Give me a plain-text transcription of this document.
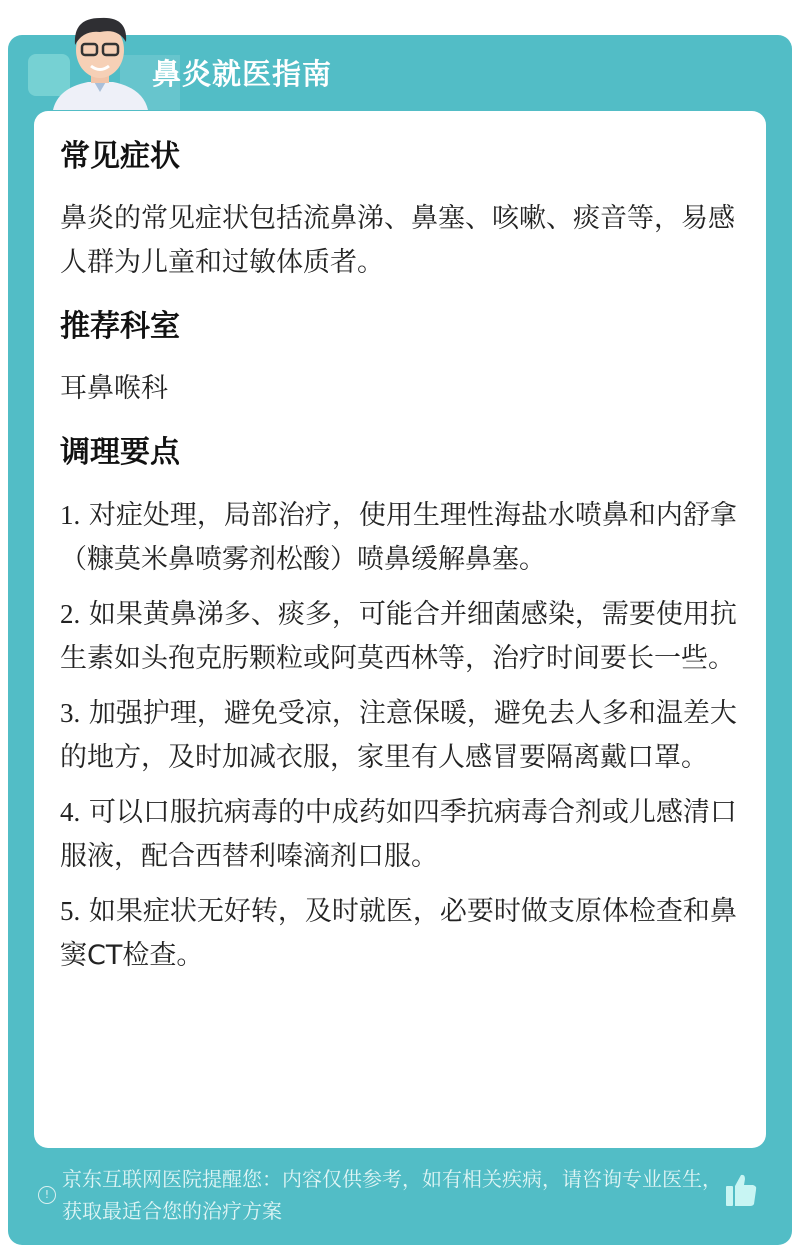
鼻炎就医指南
常见症状

鼻炎的常见症状包括流鼻涕、鼻塞、咳嗽、痰音等，易感人群为儿童和过敏体质者。

推荐科室

耳鼻喉科

调理要点
1. 对症处理，局部治疗，使用生理性海盐水喷鼻和内舒拿（糠莫米鼻喷雾剂松酸）喷鼻缓解鼻塞。
2. 如果黄鼻涕多、痰多，可能合并细菌感染，需要使用抗生素如头孢克肟颗粒或阿莫西林等，治疗时间要长一些。
3. 加强护理，避免受凉，注意保暖，避免去人多和温差大的地方，及时加减衣服，家里有人感冒要隔离戴口罩。
4. 可以口服抗病毒的中成药如四季抗病毒合剂或儿感清口服液，配合西替利嗪滴剂口服。
5. 如果症状无好转，及时就医，必要时做支原体检查和鼻窦CT检查。
!
京东互联网医院提醒您：内容仅供参考，如有相关疾病，请咨询专业医生，获取最适合您的治疗方案
